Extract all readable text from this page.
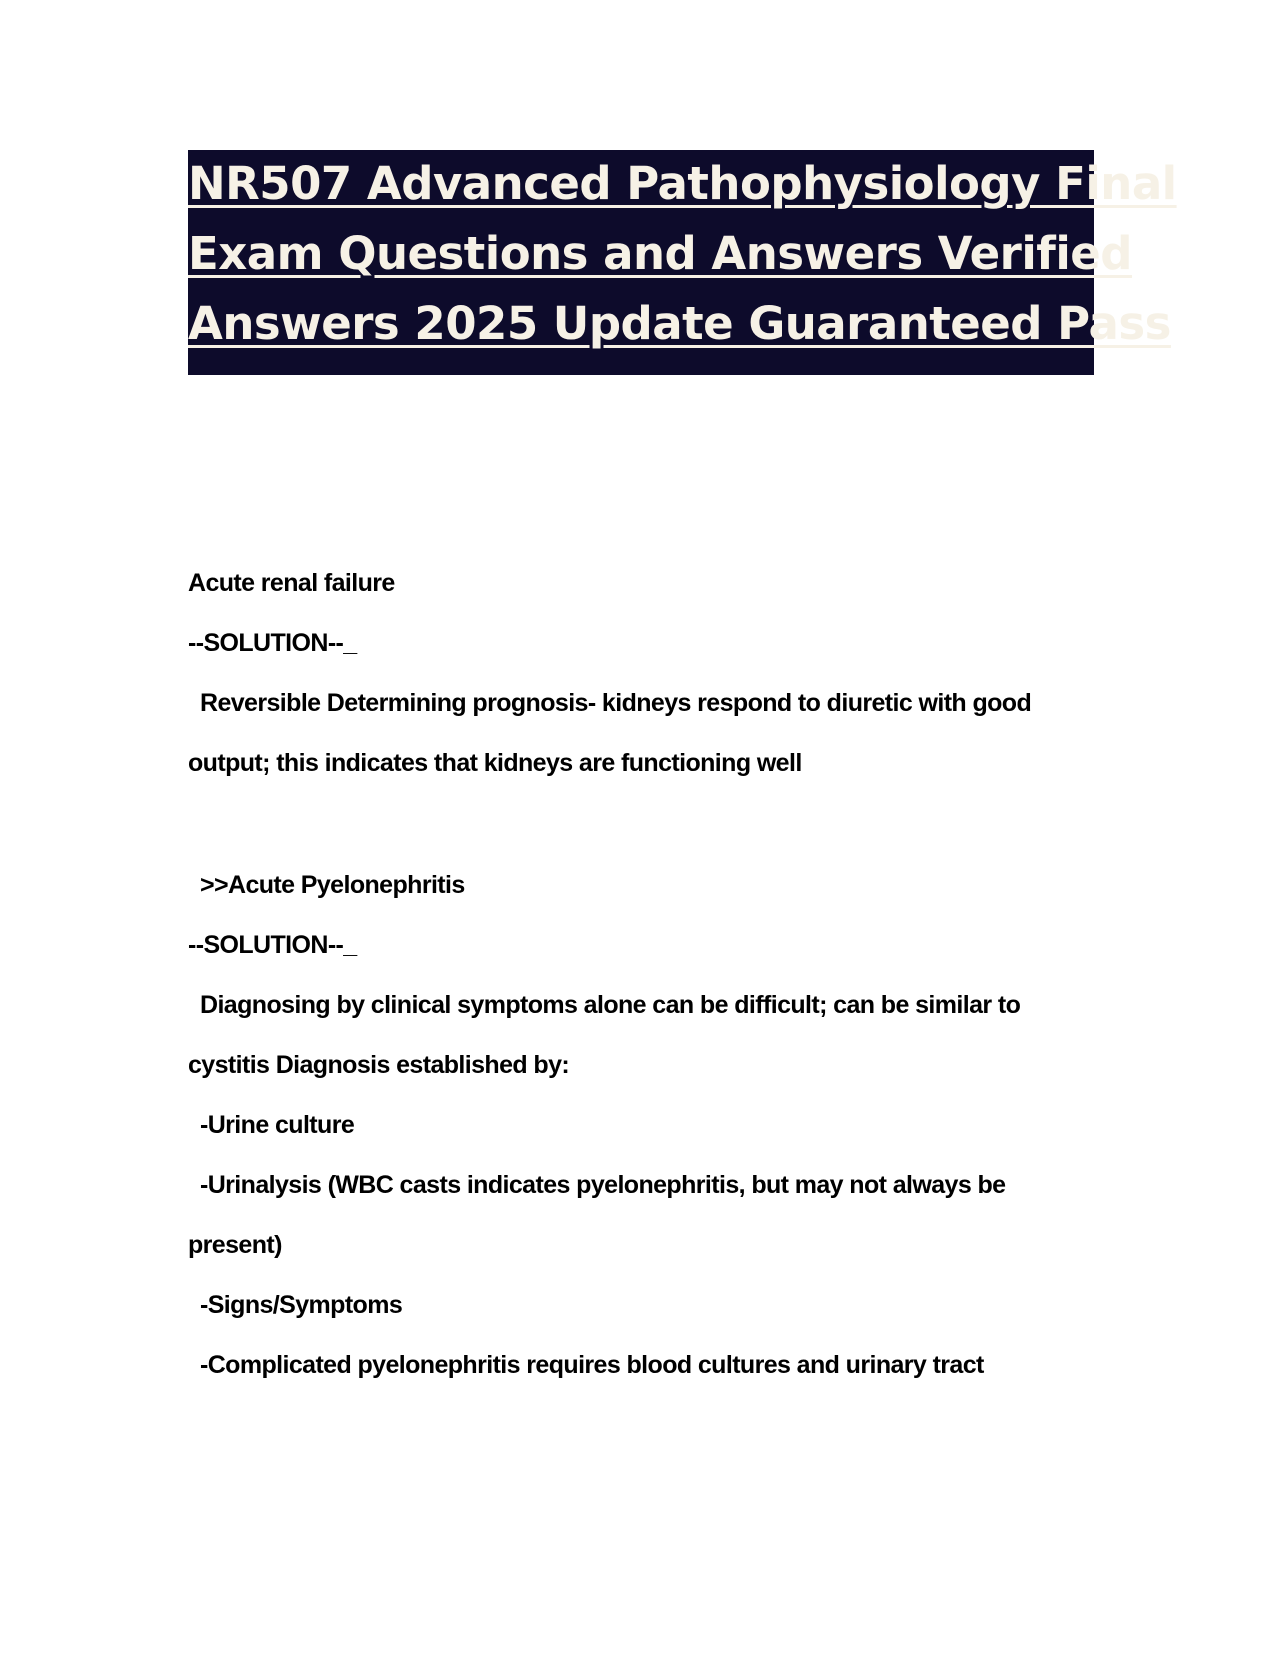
NR507 Advanced Pathophysiology Final
Exam Questions and Answers Verified
Answers 2025 Update Guaranteed Pass
Acute renal failure
--SOLUTION--_
Reversible Determining prognosis- kidneys respond to diuretic with good
output; this indicates that kidneys are functioning well
>>Acute Pyelonephritis
--SOLUTION--_
Diagnosing by clinical symptoms alone can be difficult; can be similar to
cystitis Diagnosis established by:
-Urine culture
-Urinalysis (WBC casts indicates pyelonephritis, but may not always be
present)
-Signs/Symptoms
-Complicated pyelonephritis requires blood cultures and urinary tract
